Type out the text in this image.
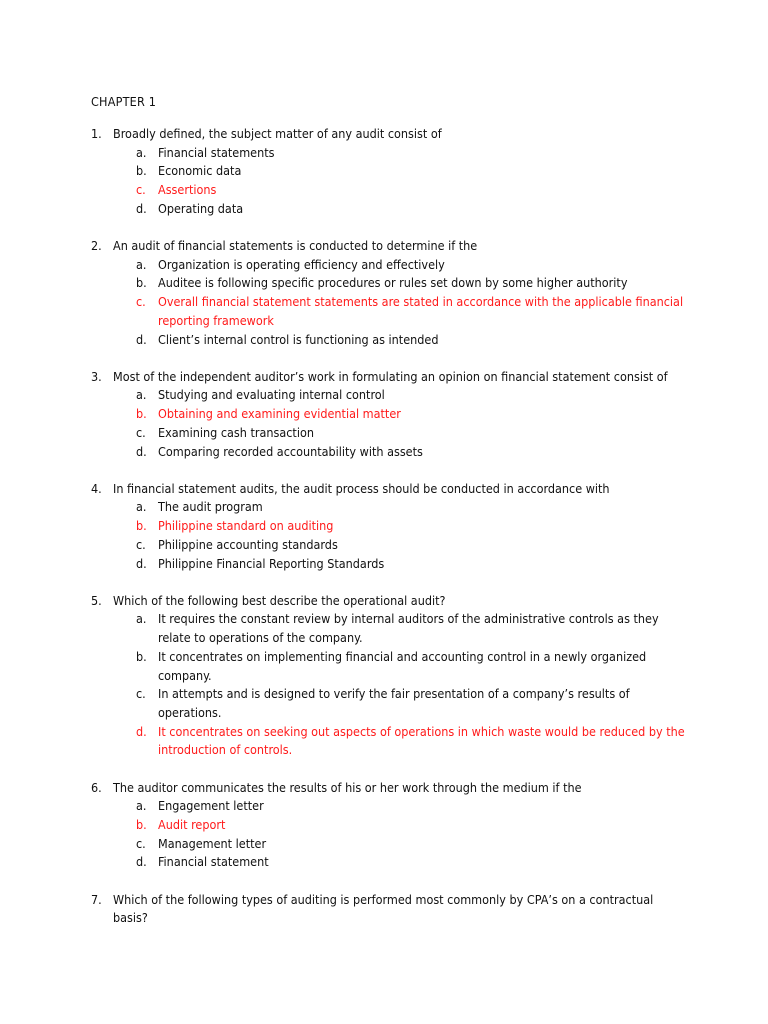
CHAPTER 1
1. Broadly defined, the subject matter of any audit consist of
a. Financial statements
b. Economic data
c. Assertions
d. Operating data
2. An audit of financial statements is conducted to determine if the
a. Organization is operating efficiency and effectively
b. Auditee is following specific procedures or rules set down by some higher authority
c. Overall financial statement statements are stated in accordance with the applicable financial reporting framework
d. Client’s internal control is functioning as intended
3. Most of the independent auditor’s work in formulating an opinion on financial statement consist of
a. Studying and evaluating internal control
b. Obtaining and examining evidential matter
c. Examining cash transaction
d. Comparing recorded accountability with assets
4. In financial statement audits, the audit process should be conducted in accordance with
a. The audit program
b. Philippine standard on auditing
c. Philippine accounting standards
d. Philippine Financial Reporting Standards
5. Which of the following best describe the operational audit?
a. It requires the constant review by internal auditors of the administrative controls as they relate to operations of the company.
b. It concentrates on implementing financial and accounting control in a newly organized company.
c. In attempts and is designed to verify the fair presentation of a company’s results of operations.
d. It concentrates on seeking out aspects of operations in which waste would be reduced by the introduction of controls.
6. The auditor communicates the results of his or her work through the medium if the
a. Engagement letter
b. Audit report
c. Management letter
d. Financial statement
7. Which of the following types of auditing is performed most commonly by CPA’s on a contractual basis?
